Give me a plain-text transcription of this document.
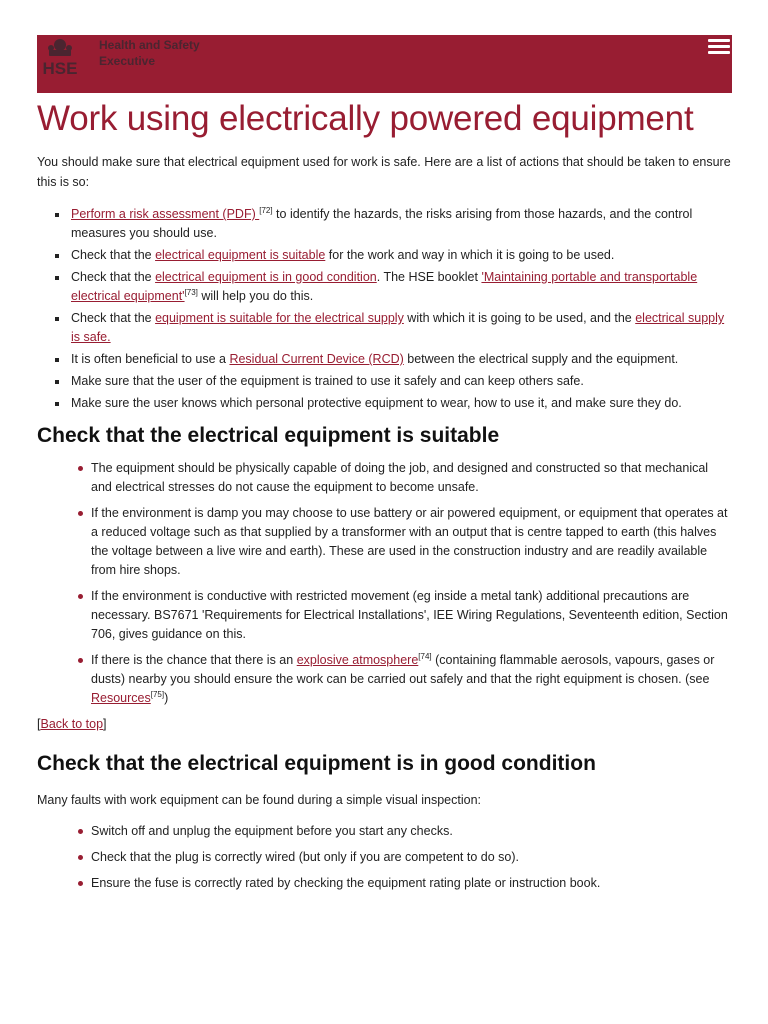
HSE
Health and Safety
Executive
Work using electrically powered equipment

You should make sure that electrical equipment used for work is safe. Here are a list of actions that should be taken to ensure this is so:

Perform a risk assessment (PDF) [72] to identify the hazards, the risks arising from those hazards, and the control measures you should use.
Check that the electrical equipment is suitable for the work and way in which it is going to be used.
Check that the electrical equipment is in good condition. The HSE booklet 'Maintaining portable and transportable electrical equipment'[73] will help you do this.
Check that the equipment is suitable for the electrical supply with which it is going to be used, and the electrical supply is safe.
It is often beneficial to use a Residual Current Device (RCD) between the electrical supply and the equipment.
Make sure that the user of the equipment is trained to use it safely and can keep others safe.
Make sure the user knows which personal protective equipment to wear, how to use it, and make sure they do.
Check that the electrical equipment is suitable
The equipment should be physically capable of doing the job, and designed and constructed so that mechanical and electrical stresses do not cause the equipment to become unsafe.
If the environment is damp you may choose to use battery or air powered equipment, or equipment that operates at a reduced voltage such as that supplied by a transformer with an output that is centre tapped to earth (this halves the voltage between a live wire and earth). These are used in the construction industry and are readily available from hire shops.
If the environment is conductive with restricted movement (eg inside a metal tank) additional precautions are necessary. BS7671 'Requirements for Electrical Installations', IEE Wiring Regulations, Seventeenth edition, Section 706, gives guidance on this.
If there is the chance that there is an explosive atmosphere[74] (containing flammable aerosols, vapours, gases or dusts) nearby you should ensure the work can be carried out safely and that the right equipment is chosen. (see Resources[75])

[Back to top]

Check that the electrical equipment is in good condition

Many faults with work equipment can be found during a simple visual inspection:

Switch off and unplug the equipment before you start any checks.
Check that the plug is correctly wired (but only if you are competent to do so).
Ensure the fuse is correctly rated by checking the equipment rating plate or instruction book.
